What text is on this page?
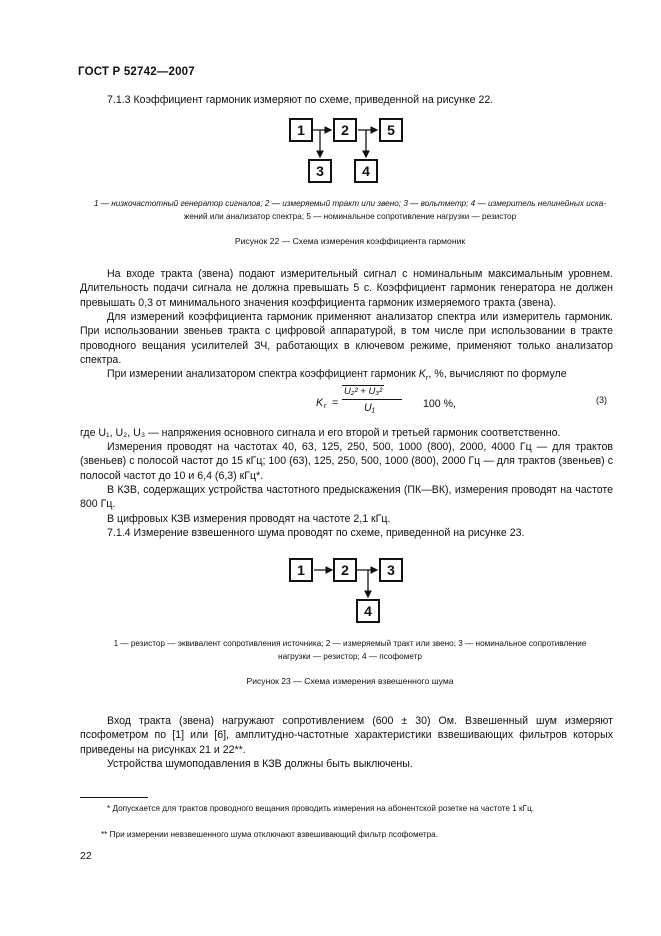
ГОСТ Р 52742—2007
7.1.3 Коэффициент гармоник измеряют по схеме, приведенной на рисунке 22.
1	2	5
3	4
1 — низкочастотный генератор сигналов; 2 — измеряемый тракт или звено; 3 — вольтметр; 4 — измеритель нелинейных иска-
жений или анализатор спектра; 5 — номинальное сопротивление нагрузки — резистор
Рисунок 22 — Схема измерения коэффициента гармоник
На входе тракта (звена) подают измерительный сигнал с номинальным максимальным уровнем. Длительность подачи сигнала не должна превышать 5 с. Коэффициент гармоник генератора не должен превышать 0,3 от минимального значения коэффициента гармоник измеряемого тракта (звена).
Для измерений коэффициента гармоник применяют анализатор спектра или измеритель гармоник. При использовании звеньев тракта с цифровой аппаратурой, в том числе при использовании в тракте проводного вещания усилителей ЗЧ, работающих в ключевом режиме, применяют только анализатор спектра.
При измерении анализатором спектра коэффициент гармоник $K_г$, %, вычисляют по формуле
K г =
U₂² + U₃²
U₁	100 %,	(3)
где U₁, U₂, U₃ — напряжения основного сигнала и его второй и третьей гармоник соответственно.
Измерения проводят на частотах 40, 63, 125, 250, 500, 1000 (800), 2000, 4000 Гц — для трактов (звеньев) с полосой частот до 15 кГц; 100 (63), 125, 250, 500, 1000 (800), 2000 Гц — для трактов (звеньев) с полосой частот до 10 и 6,4 (6,3) кГц*.
В КЗВ, содержащих устройства частотного предыскажения (ПК—ВК), измерения проводят на частоте 800 Гц.
В цифровых КЗВ измерения проводят на частоте 2,1 кГц.
7.1.4 Измерение взвешенного шума проводят по схеме, приведенной на рисунке 23.
1	2	3
4
1 — резистор — эквивалент сопротивления источника; 2 — измеряемый тракт или звено; 3 — номинальное сопротивление
нагрузки — резистор; 4 — псофометр
Рисунок 23 — Схема измерения взвешенного шума
Вход тракта (звена) нагружают сопротивлением (600 ± 30) Ом. Взвешенный шум измеряют псофометром по [1] или [6], амплитудно-частотные характеристики взвешивающих фильтров которых приведены на рисунках 21 и 22**.
Устройства шумоподавления в КЗВ должны быть выключены.
* Допускается для трактов проводного вещания проводить измерения на абонентской розетке на частоте 1 кГц.
** При измерении невзвешенного шума отключают взвешивающий фильтр псофометра.
22
